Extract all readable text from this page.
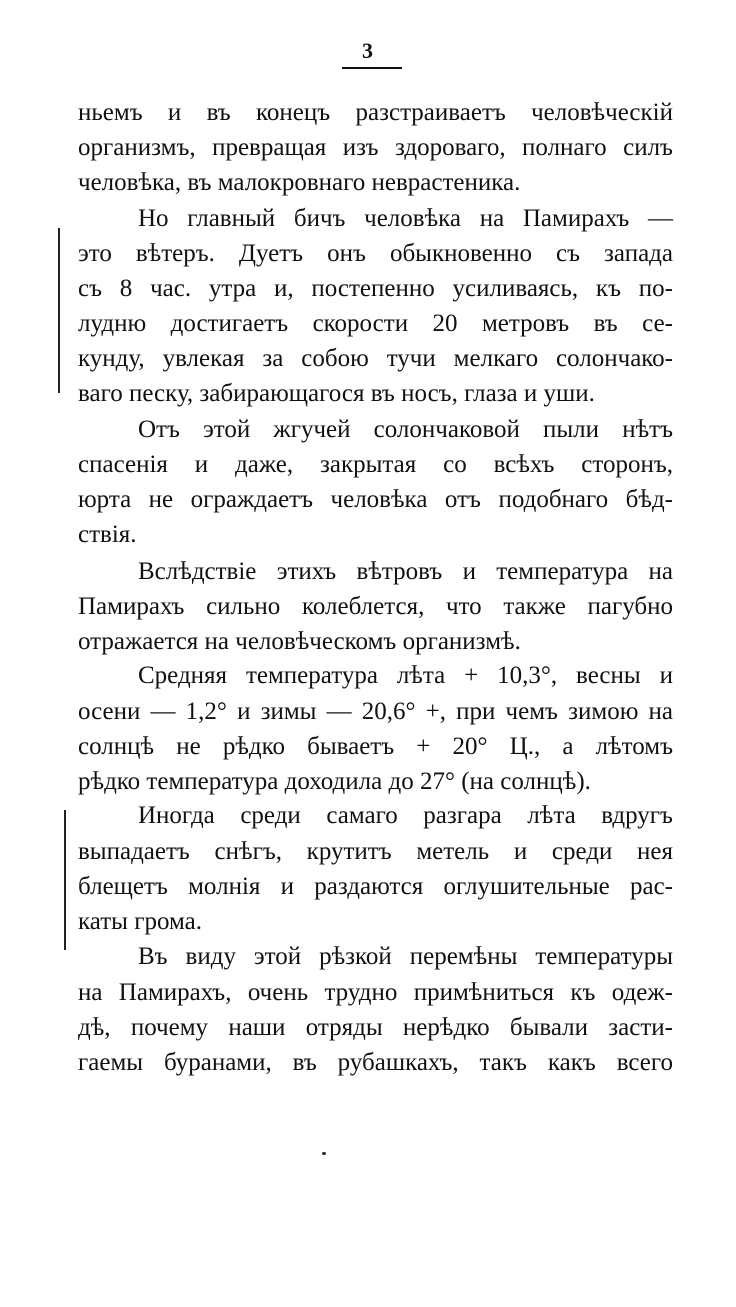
3
ньемъ и въ конецъ разстраиваетъ человѣческій
организмъ, превращая изъ здороваго, полнаго силъ
человѣка, въ малокровнаго неврастеника.
Но главный бичъ человѣка на Памирахъ —
это вѣтеръ. Дуетъ онъ обыкновенно съ запада
съ 8 час. утра и, постепенно усиливаясь, къ по-
лудню достигаетъ скорости 20 метровъ въ се-
кунду, увлекая за собою тучи мелкаго солончако-
ваго песку, забирающагося въ носъ, глаза и уши.
Отъ этой жгучей солончаковой пыли нѣтъ
спасенія и даже, закрытая со всѣхъ сторонъ,
юрта не ограждаетъ человѣка отъ подобнаго бѣд-
ствія.
Вслѣдствіе этихъ вѣтровъ и температура на
Памирахъ сильно колеблется, что также пагубно
отражается на человѣческомъ организмѣ.
Средняя температура лѣта + 10,3°, весны и
осени — 1,2° и зимы — 20,6° +, при чемъ зимою на
солнцѣ не рѣдко бываетъ + 20° Ц., а лѣтомъ
рѣдко температура доходила до 27° (на солнцѣ).
Иногда среди самаго разгара лѣта вдругъ
выпадаетъ снѣгъ, крутитъ метель и среди нея
блещетъ молнія и раздаются оглушительные рас-
каты грома.
Въ виду этой рѣзкой перемѣны температуры
на Памирахъ, очень трудно примѣниться къ одеж-
дѣ, почему наши отряды нерѣдко бывали засти-
гаемы буранами, въ рубашкахъ, такъ какъ всего
